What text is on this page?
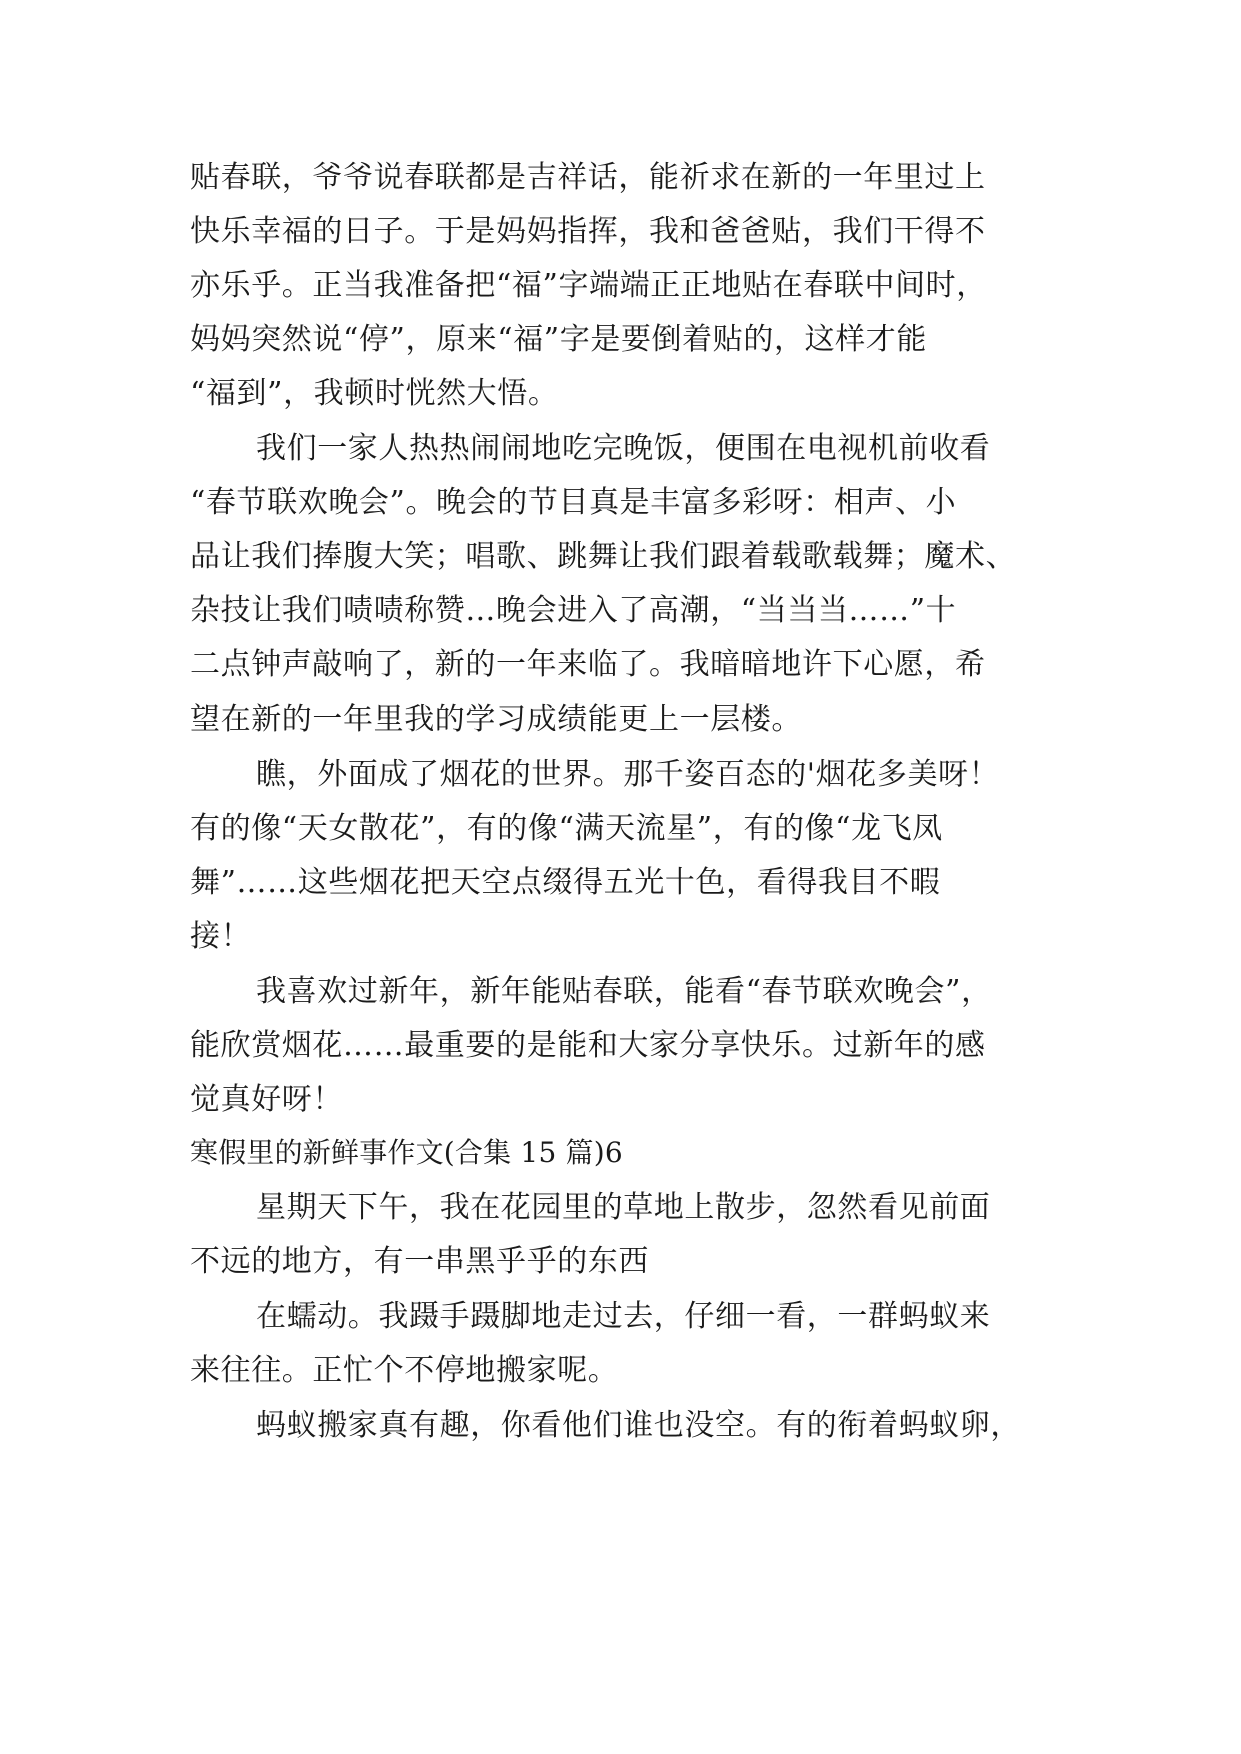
贴春联，爷爷说春联都是吉祥话，能祈求在新的一年里过上
快乐幸福的日子。于是妈妈指挥，我和爸爸贴，我们干得不
亦乐乎。正当我准备把“福”字端端正正地贴在春联中间时，
妈妈突然说“停”，原来“福”字是要倒着贴的，这样才能
“福到”，我顿时恍然大悟。
我们一家人热热闹闹地吃完晚饭，便围在电视机前收看
“春节联欢晚会”。晚会的节目真是丰富多彩呀：相声、小
品让我们捧腹大笑；唱歌、跳舞让我们跟着载歌载舞；魔术、
杂技让我们啧啧称赞…晚会进入了高潮，“当当当……”十
二点钟声敲响了，新的一年来临了。我暗暗地许下心愿，希
望在新的一年里我的学习成绩能更上一层楼。
瞧，外面成了烟花的世界。那千姿百态的'烟花多美呀！
有的像“天女散花”，有的像“满天流星”，有的像“龙飞凤
舞”……这些烟花把天空点缀得五光十色，看得我目不暇
接！
我喜欢过新年，新年能贴春联，能看“春节联欢晚会”，
能欣赏烟花……最重要的是能和大家分享快乐。过新年的感
觉真好呀！
寒假里的新鲜事作文(合集 15 篇)6
星期天下午，我在花园里的草地上散步，忽然看见前面
不远的地方，有一串黑乎乎的东西
在蠕动。我蹑手蹑脚地走过去，仔细一看，一群蚂蚁来
来往往。正忙个不停地搬家呢。
蚂蚁搬家真有趣，你看他们谁也没空。有的衔着蚂蚁卵，
